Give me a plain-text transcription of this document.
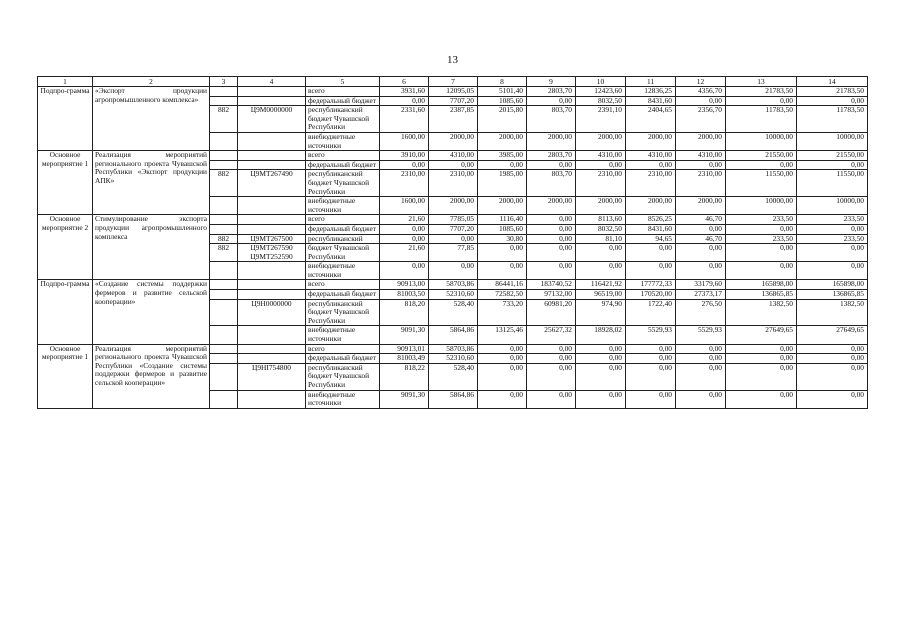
13
1	2	3	4	5	6	7	8	9	10	11	12	13	14
Подпро-грамма	«Экспорт продукции агропромышленного комплекса»			всего	3931,60	12095,05	5101,40	2803,70	12423,60	12836,25	4356,70	21783,50	21783,50
				федеральный бюджет	0,00	7707,20	1085,60	0,00	8032,50	8431,60	0,00	0,00	0,00
		882	Ц9М0000000	республиканский бюджет Чувашской Республики	2331,60	2387,85	2015,80	803,70	2391,10	2404,65	2356,70	11783,50	11783,50
				внебюджетные источники	1600,00	2000,00	2000,00	2000,00	2000,00	2000,00	2000,00	10000,00	10000,00
Основное мероприятие 1	Реализация мероприятий регионального проекта Чувашской Республики «Экспорт продукции АПК»			всего	3910,00	4310,00	3985,00	2803,70	4310,00	4310,00	4310,00	21550,00	21550,00
				федеральный бюджет	0,00	0,00	0,00	0,00	0,00	0,00	0,00	0,00	0,00
		882	Ц9МТ267490	республиканский бюджет Чувашской Республики	2310,00	2310,00	1985,00	803,70	2310,00	2310,00	2310,00	11550,00	11550,00
				внебюджетные источники	1600,00	2000,00	2000,00	2000,00	2000,00	2000,00	2000,00	10000,00	10000,00
Основное мероприятие 2	Стимулирование экспорта продукции агропромышленного комплекса			всего	21,60	7785,05	1116,40	0,00	8113,60	8526,25	46,70	233,50	233,50
				федеральный бюджет	0,00	7707,20	1085,60	0,00	8032,50	8431,60	0,00	0,00	0,00
		882	Ц9МТ267500	республиканский	0,00	0,00	30,80	0,00	81,10	94,65	46,70	233,50	233,50
		882	Ц9МТ267590 Ц9МТ252590	бюджет Чувашской Республики	21,60	77,85	0,00	0,00	0,00	0,00	0,00	0,00	0,00
				внебюджетные источники	0,00	0,00	0,00	0,00	0,00	0,00	0,00	0,00	0,00
Подпро-грамма	«Создание системы поддержки фермеров и развитие сельской кооперации»			всего	90913,00	58703,86	86441,16	183740,52	116421,92	177772,33	33179,60	165898,00	165898,00
				федеральный бюджет	81003,50	52310,60	72582,50	97132,00	96519,00	170520,00	27373,17	136865,85	136865,85
			Ц9Н0000000	республиканский бюджет Чувашской Республики	818,20	528,40	733,20	60981,20	974,90	1722,40	276,50	1382,50	1382,50
				внебюджетные источники	9091,30	5864,86	13125,46	25627,32	18928,02	5529,93	5529,93	27649,65	27649,65
Основное мероприятие 1	Реализация мероприятий регионального проекта Чувашской Республики «Создание системы поддержки фермеров и развитие сельской кооперации»			всего	90913,01	58703,86	0,00	0,00	0,00	0,00	0,00	0,00	0,00
				федеральный бюджет	81003,49	52310,60	0,00	0,00	0,00	0,00	0,00	0,00	0,00
			Ц9НI754800	республиканский бюджет Чувашской Республики	818,22	528,40	0,00	0,00	0,00	0,00	0,00	0,00	0,00
				внебюджетные источники	9091,30	5864,86	0,00	0,00	0,00	0,00	0,00	0,00	0,00
